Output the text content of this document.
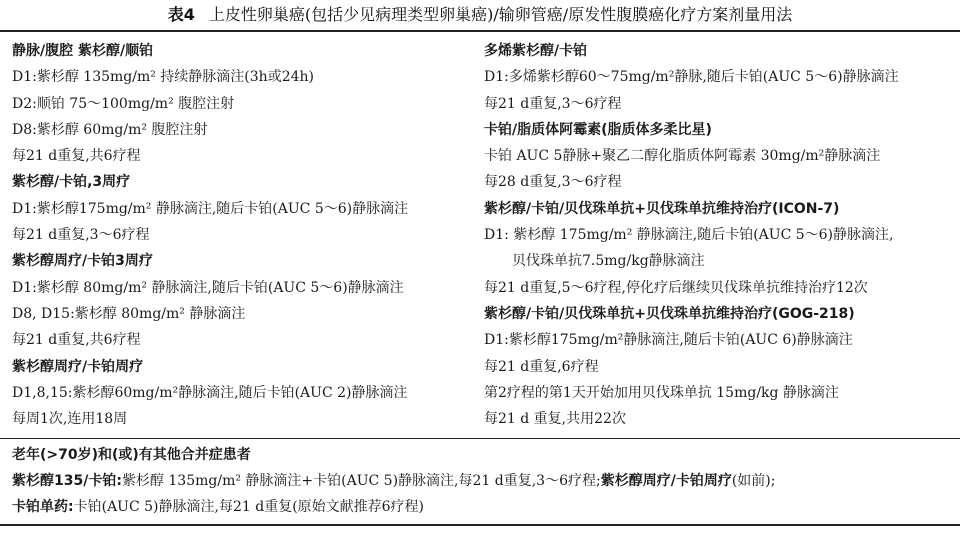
表4 上皮性卵巢癌(包括少见病理类型卵巢癌)/输卵管癌/原发性腹膜癌化疗方案剂量用法
静脉/腹腔 紫杉醇/顺铂
D1:紫杉醇 135mg/m² 持续静脉滴注(3h或24h)
D2:顺铂 75～100mg/m² 腹腔注射
D8:紫杉醇 60mg/m² 腹腔注射
每21 d重复,共6疗程
紫杉醇/卡铂,3周疗
D1:紫杉醇175mg/m² 静脉滴注,随后卡铂(AUC 5～6)静脉滴注
每21 d重复,3～6疗程
紫杉醇周疗/卡铂3周疗
D1:紫杉醇 80mg/m² 静脉滴注,随后卡铂(AUC 5～6)静脉滴注
D8, D15:紫杉醇 80mg/m² 静脉滴注
每21 d重复,共6疗程
紫杉醇周疗/卡铂周疗
D1,8,15:紫杉醇60mg/m²静脉滴注,随后卡铂(AUC 2)静脉滴注
每周1次,连用18周
多烯紫杉醇/卡铂
D1:多烯紫杉醇60～75mg/m²静脉,随后卡铂(AUC 5～6)静脉滴注
每21 d重复,3～6疗程
卡铂/脂质体阿霉素(脂质体多柔比星)
卡铂 AUC 5静脉+聚乙二醇化脂质体阿霉素 30mg/m²静脉滴注
每28 d重复,3～6疗程
紫杉醇/卡铂/贝伐珠单抗+贝伐珠单抗维持治疗(ICON-7)
D1: 紫杉醇 175mg/m² 静脉滴注,随后卡铂(AUC 5～6)静脉滴注,
贝伐珠单抗7.5mg/kg静脉滴注
每21 d重复,5～6疗程,停化疗后继续贝伐珠单抗维持治疗12次
紫杉醇/卡铂/贝伐珠单抗+贝伐珠单抗维持治疗(GOG-218)
D1:紫杉醇175mg/m²静脉滴注,随后卡铂(AUC 6)静脉滴注
每21 d重复,6疗程
第2疗程的第1天开始加用贝伐珠单抗 15mg/kg 静脉滴注
每21 d 重复,共用22次
老年(>70岁)和(或)有其他合并症患者
紫杉醇135/卡铂:紫杉醇 135mg/m² 静脉滴注+卡铂(AUC 5)静脉滴注,每21 d重复,3～6疗程;紫杉醇周疗/卡铂周疗(如前);
卡铂单药:卡铂(AUC 5)静脉滴注,每21 d重复(原始文献推荐6疗程)
